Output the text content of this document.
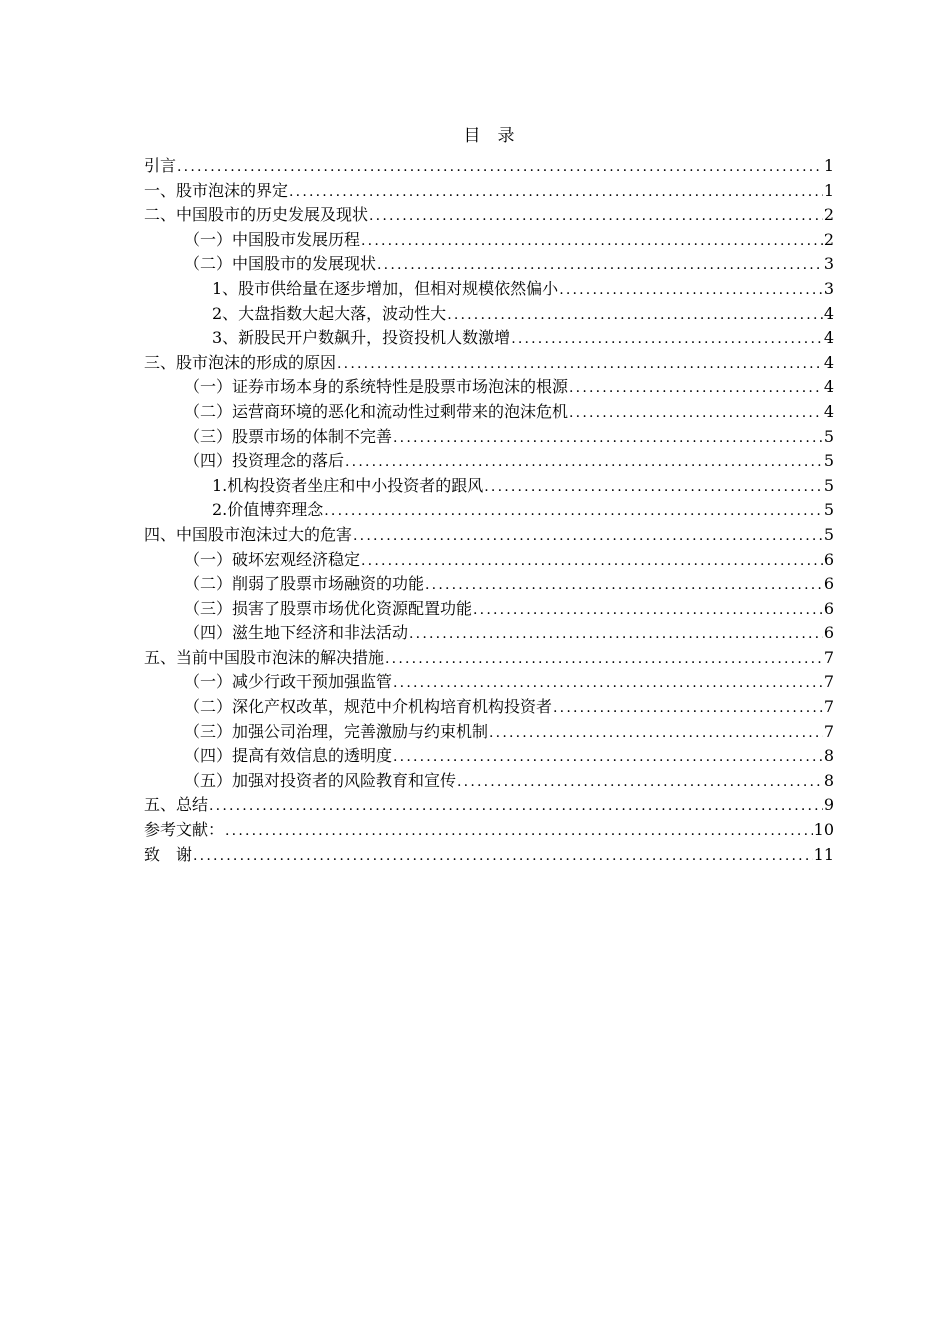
目　录
引言 .....	1
一、股市泡沫的界定 .....	1
二、中国股市的历史发展及现状 .....	2
（一）中国股市发展历程 .....	2
（二）中国股市的发展现状 .....	3
1、股市供给量在逐步增加，但相对规模依然偏小 .....	3
2、大盘指数大起大落，波动性大 .....	4
3、新股民开户数飙升，投资投机人数激增 .....	4
三、股市泡沫的形成的原因 .....	4
（一）证券市场本身的系统特性是股票市场泡沫的根源 .....	4
（二）运营商环境的恶化和流动性过剩带来的泡沫危机 .....	4
（三）股票市场的体制不完善 .....	5
（四）投资理念的落后 .....	5
1.机构投资者坐庄和中小投资者的跟风 .....	5
2.价值博弈理念 .....	5
四、中国股市泡沫过大的危害 .....	5
（一）破坏宏观经济稳定 .....	6
（二）削弱了股票市场融资的功能 .....	6
（三）损害了股票市场优化资源配置功能 .....	6
（四）滋生地下经济和非法活动 .....	6
五、当前中国股市泡沫的解决措施 .....	7
（一）减少行政干预加强监管 .....	7
（二）深化产权改革，规范中介机构培育机构投资者 .....	7
（三）加强公司治理，完善激励与约束机制 .....	7
（四）提高有效信息的透明度 .....	8
（五）加强对投资者的风险教育和宣传 .....	8
五、总结 .....	9
参考文献： .....	10
致　谢 .....	11
